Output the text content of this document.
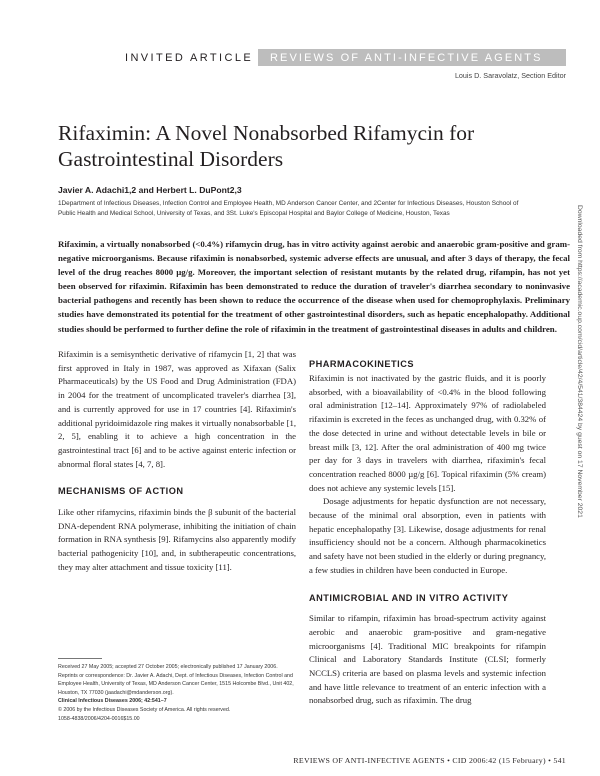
INVITED ARTICLE REVIEWS OF ANTI-INFECTIVE AGENTS
Louis D. Saravolatz, Section Editor
Rifaximin: A Novel Nonabsorbed Rifamycin for Gastrointestinal Disorders
Javier A. Adachi1,2 and Herbert L. DuPont2,3
1Department of Infectious Diseases, Infection Control and Employee Health, MD Anderson Cancer Center, and 2Center for Infectious Diseases, Houston School of Public Health and Medical School, University of Texas, and 3St. Luke's Episcopal Hospital and Baylor College of Medicine, Houston, Texas
Rifaximin, a virtually nonabsorbed (<0.4%) rifamycin drug, has in vitro activity against aerobic and anaerobic gram-positive and gram-negative microorganisms. Because rifaximin is nonabsorbed, systemic adverse effects are unusual, and after 3 days of therapy, the fecal level of the drug reaches 8000 µg/g. Moreover, the important selection of resistant mutants by the related drug, rifampin, has not yet been observed for rifaximin. Rifaximin has been demonstrated to reduce the duration of traveler's diarrhea secondary to noninvasive bacterial pathogens and recently has been shown to reduce the occurrence of the disease when used for chemoprophylaxis. Preliminary studies have demonstrated its potential for the treatment of other gastrointestinal disorders, such as hepatic encephalopathy. Additional studies should be performed to further define the role of rifaximin in the treatment of gastrointestinal diseases in adults and children.

Rifaximin is a semisynthetic derivative of rifamycin [1, 2] that was first approved in Italy in 1987, was approved as Xifaxan (Salix Pharmaceuticals) by the US Food and Drug Administration (FDA) in 2004 for the treatment of uncomplicated traveler's diarrhea [3], and is currently approved for use in 17 countries [4]. Rifaximin's additional pyridoimidazole ring makes it virtually nonabsorbable [1, 2, 5], enabling it to achieve a high concentration in the gastrointestinal tract [6] and to be active against enteric infection or abnormal floral states [4, 7, 8].

MECHANISMS OF ACTION

Like other rifamycins, rifaximin binds the β subunit of the bacterial DNA-dependent RNA polymerase, inhibiting the initiation of chain formation in RNA synthesis [9]. Rifamycins also apparently modify bacterial pathogenicity [10], and, in subtherapeutic concentrations, they may alter attachment and tissue toxicity [11].

Received 27 May 2005; accepted 27 October 2005; electronically published 17 January 2006.
Reprints or correspondence: Dr. Javier A. Adachi, Dept. of Infectious Diseases, Infection Control and Employee Health, University of Texas, MD Anderson Cancer Center, 1515 Holcombe Blvd., Unit 402, Houston, TX 77030 (jaadachi@mdanderson.org).
Clinical Infectious Diseases 2006; 42:541–7
© 2006 by the Infectious Diseases Society of America. All rights reserved.
1058-4838/2006/4204-0016$15.00

PHARMACOKINETICS

Rifaximin is not inactivated by the gastric fluids, and it is poorly absorbed, with a bioavailability of <0.4% in the blood following oral administration [12–14]. Approximately 97% of radiolabeled rifaximin is excreted in the feces as unchanged drug, with 0.32% of the dose detected in urine and without detectable levels in bile or breast milk [3, 12]. After the oral administration of 400 mg twice per day for 3 days in travelers with diarrhea, rifaximin's fecal concentration reached 8000 µg/g [6]. Topical rifaximin (5% cream) does not achieve any systemic levels [15].

Dosage adjustments for hepatic dysfunction are not necessary, because of the minimal oral absorption, even in patients with hepatic encephalopathy [3]. Likewise, dosage adjustments for renal insufficiency should not be a concern. Although pharmacokinetics and safety have not been studied in the elderly or during pregnancy, a few studies in children have been conducted in Europe.

ANTIMICROBIAL AND IN VITRO ACTIVITY

Similar to rifampin, rifaximin has broad-spectrum activity against aerobic and anaerobic gram-positive and gram-negative microorganisms [4]. Traditional MIC breakpoints for rifampin Clinical and Laboratory Standards Institute (CLSI; formerly NCCLS) criteria are based on plasma levels and systemic infection and have little relevance to treatment of an enteric infection with a nonabsorbed drug, such as rifaximin. The drug

REVIEWS OF ANTI-INFECTIVE AGENTS • CID 2006:42 (15 February) • 541
Downloaded from https://academic.oup.com/cid/article/42/4/541/384424 by guest on 17 November 2021
